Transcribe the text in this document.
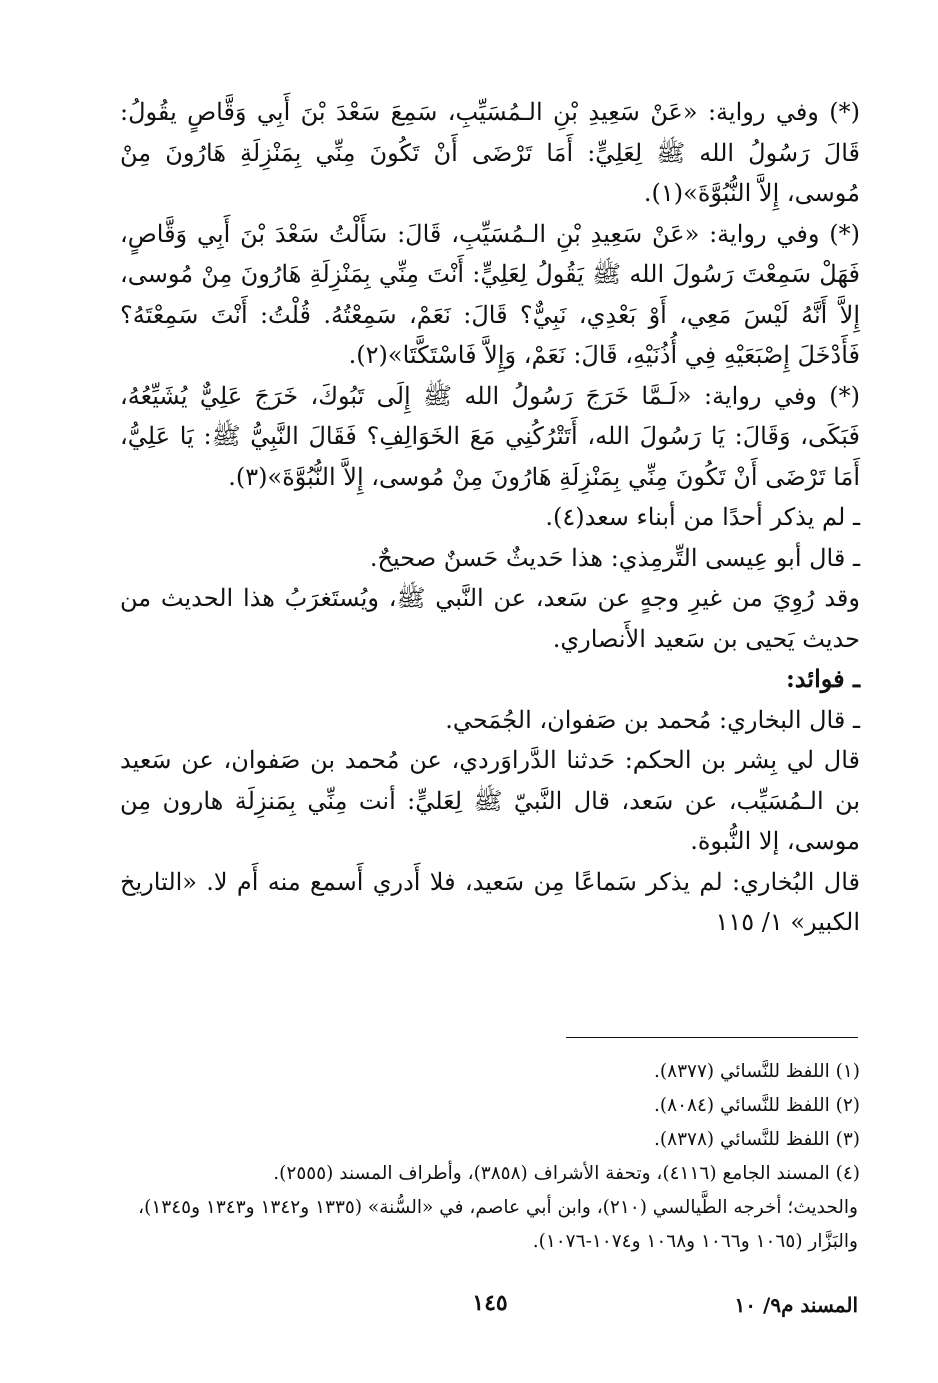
(*) وفي رواية: «عَنْ سَعِيدِ بْنِ الـمُسَيِّبِ، سَمِعَ سَعْدَ بْنَ أَبِي وَقَّاصٍ يقُولُ: قَالَ رَسُولُ الله ﷺ لِعَلِيٍّ: أَمَا تَرْضَى أَنْ تَكُونَ مِنِّي بِمَنْزِلَةِ هَارُونَ مِنْ مُوسى، إِلاَّ النُّبُوَّةَ»(١).

(*) وفي رواية: «عَنْ سَعِيدِ بْنِ الـمُسَيِّبِ، قَالَ: سَأَلْتُ سَعْدَ بْنَ أَبِي وَقَّاصٍ، فَهَلْ سَمِعْتَ رَسُولَ الله ﷺ يَقُولُ لِعَلِيٍّ: أَنْتَ مِنِّي بِمَنْزِلَةِ هَارُونَ مِنْ مُوسى، إِلاَّ أَنَّهُ لَيْسَ مَعِي، أَوْ بَعْدِي، نَبِيٌّ؟ قَالَ: نَعَمْ، سَمِعْتُهُ. قُلْتُ: أَنْتَ سَمِعْتَهُ؟ فَأَدْخَلَ إِصْبَعَيْهِ فِي أُذُنَيْهِ، قَالَ: نَعَمْ، وَإِلاَّ فَاسْتَكَّتَا»(٢).

(*) وفي رواية: «لَـمَّا خَرَجَ رَسُولُ الله ﷺ إِلَى تَبُوكَ، خَرَجَ عَلِيٌّ يُشَيِّعُهُ، فَبَكَى، وَقَالَ: يَا رَسُولَ الله، أَتَتْرُكُنِي مَعَ الخَوَالِفِ؟ فَقَالَ النَّبِيُّ ﷺ: يَا عَلِيُّ، أَمَا تَرْضَى أَنْ تَكُونَ مِنِّي بِمَنْزِلَةِ هَارُونَ مِنْ مُوسى، إِلاَّ النُّبُوَّةَ»(٣).

ـ لم يذكر أحدًا من أبناء سعد(٤).

ـ قال أبو عِيسى التِّرمِذي: هذا حَديثٌ حَسنٌ صحيحٌ.

وقد رُوِيَ من غيرِ وجهٍ عن سَعد، عن النَّبي ﷺ، ويُستَغرَبُ هذا الحديث من حديث يَحيى بن سَعيد الأَنصاري.

ـ فوائد:

ـ قال البخاري: مُحمد بن صَفوان، الجُمَحي.

قال لي بِشر بن الحكم: حَدثنا الدَّراوَردي، عن مُحمد بن صَفوان، عن سَعيد بن الـمُسَيِّب، عن سَعد، قال النَّبيّ ﷺ لِعَليٍّ: أنت مِنِّي بِمَنزِلَة هارون مِن موسى، إلا النُّبوة.

قال البُخاري: لم يذكر سَماعًا مِن سَعيد، فلا أَدري أَسمع منه أَم لا. «التاريخ الكبير» ١/ ١١٥

(١) اللفظ للنَّسائي (٨٣٧٧).

(٢) اللفظ للنَّسائي (٨٠٨٤).

(٣) اللفظ للنَّسائي (٨٣٧٨).

(٤) المسند الجامع (٤١١٦)، وتحفة الأشراف (٣٨٥٨)، وأطراف المسند (٢٥٥٥).

والحديث؛ أخرجه الطَّيالسي (٢١٠)، وابن أبي عاصم، في «السُّنة» (١٣٣٥ و١٣٤٢ و١٣٤٣ و١٣٤٥)، والبَزَّار (١٠٦٥ و١٠٦٦ و١٠٦٨ و١٠٧٤-١٠٧٦).

١٤٥	المسند م٩/ ١٠
